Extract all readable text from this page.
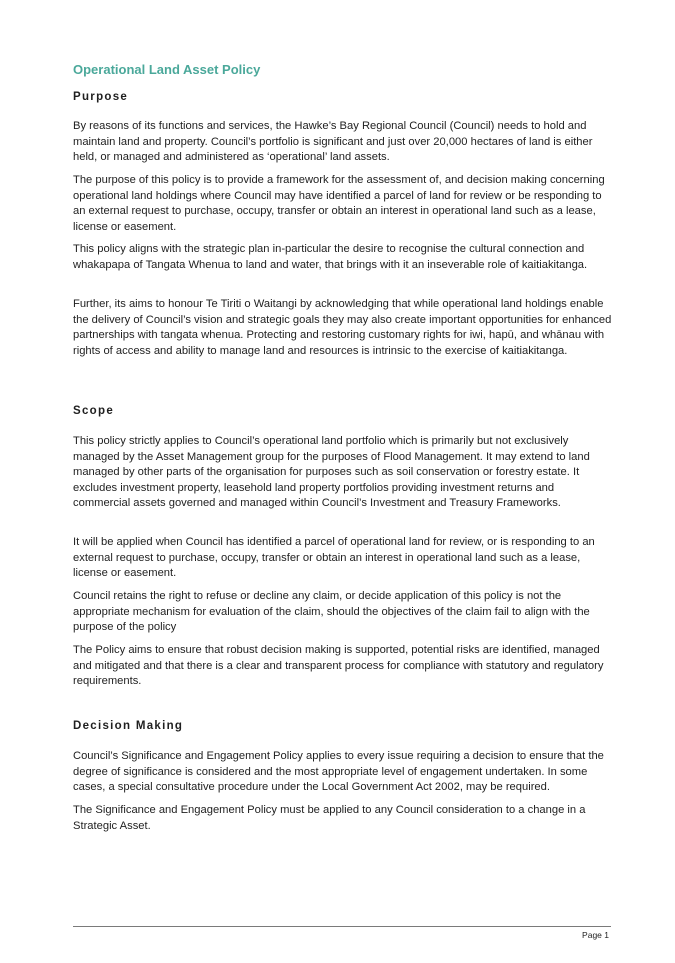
Operational Land Asset Policy
Purpose

By reasons of its functions and services, the Hawke’s Bay Regional Council (Council) needs to hold and maintain land and property. Council’s portfolio is significant and just over 20,000 hectares of land is either held, or managed and administered as ‘operational’ land assets.

The purpose of this policy is to provide a framework for the assessment of, and decision making concerning operational land holdings where Council may have identified a parcel of land for review or be responding to an external request to purchase, occupy, transfer or obtain an interest in operational land such as a lease, license or easement.

This policy aligns with the strategic plan in-particular the desire to recognise the cultural connection and whakapapa of Tangata Whenua to land and water, that brings with it an inseverable role of kaitiakitanga.

Further, its aims to honour Te Tiriti o Waitangi by acknowledging that while operational land holdings enable the delivery of Council’s vision and strategic goals they may also create important opportunities for enhanced partnerships with tangata whenua. Protecting and restoring customary rights for iwi, hapū, and whānau with rights of access and ability to manage land and resources is intrinsic to the exercise of kaitiakitanga.

Scope

This policy strictly applies to Council’s operational land portfolio which is primarily but not exclusively managed by the Asset Management group for the purposes of Flood Management. It may extend to land managed by other parts of the organisation for purposes such as soil conservation or forestry estate. It excludes investment property, leasehold land property portfolios providing investment returns and commercial assets governed and managed within Council’s Investment and Treasury Frameworks.

It will be applied when Council has identified a parcel of operational land for review, or is responding to an external request to purchase, occupy, transfer or obtain an interest in operational land such as a lease, license or easement.

Council retains the right to refuse or decline any claim, or decide application of this policy is not the appropriate mechanism for evaluation of the claim, should the objectives of the claim fail to align with the purpose of the policy

The Policy aims to ensure that robust decision making is supported, potential risks are identified, managed and mitigated and that there is a clear and transparent process for compliance with statutory and regulatory requirements.

Decision Making

Council’s Significance and Engagement Policy applies to every issue requiring a decision to ensure that the degree of significance is considered and the most appropriate level of engagement undertaken. In some cases, a special consultative procedure under the Local Government Act 2002, may be required.

The Significance and Engagement Policy must be applied to any Council consideration to a change in a Strategic Asset.

Page 1
